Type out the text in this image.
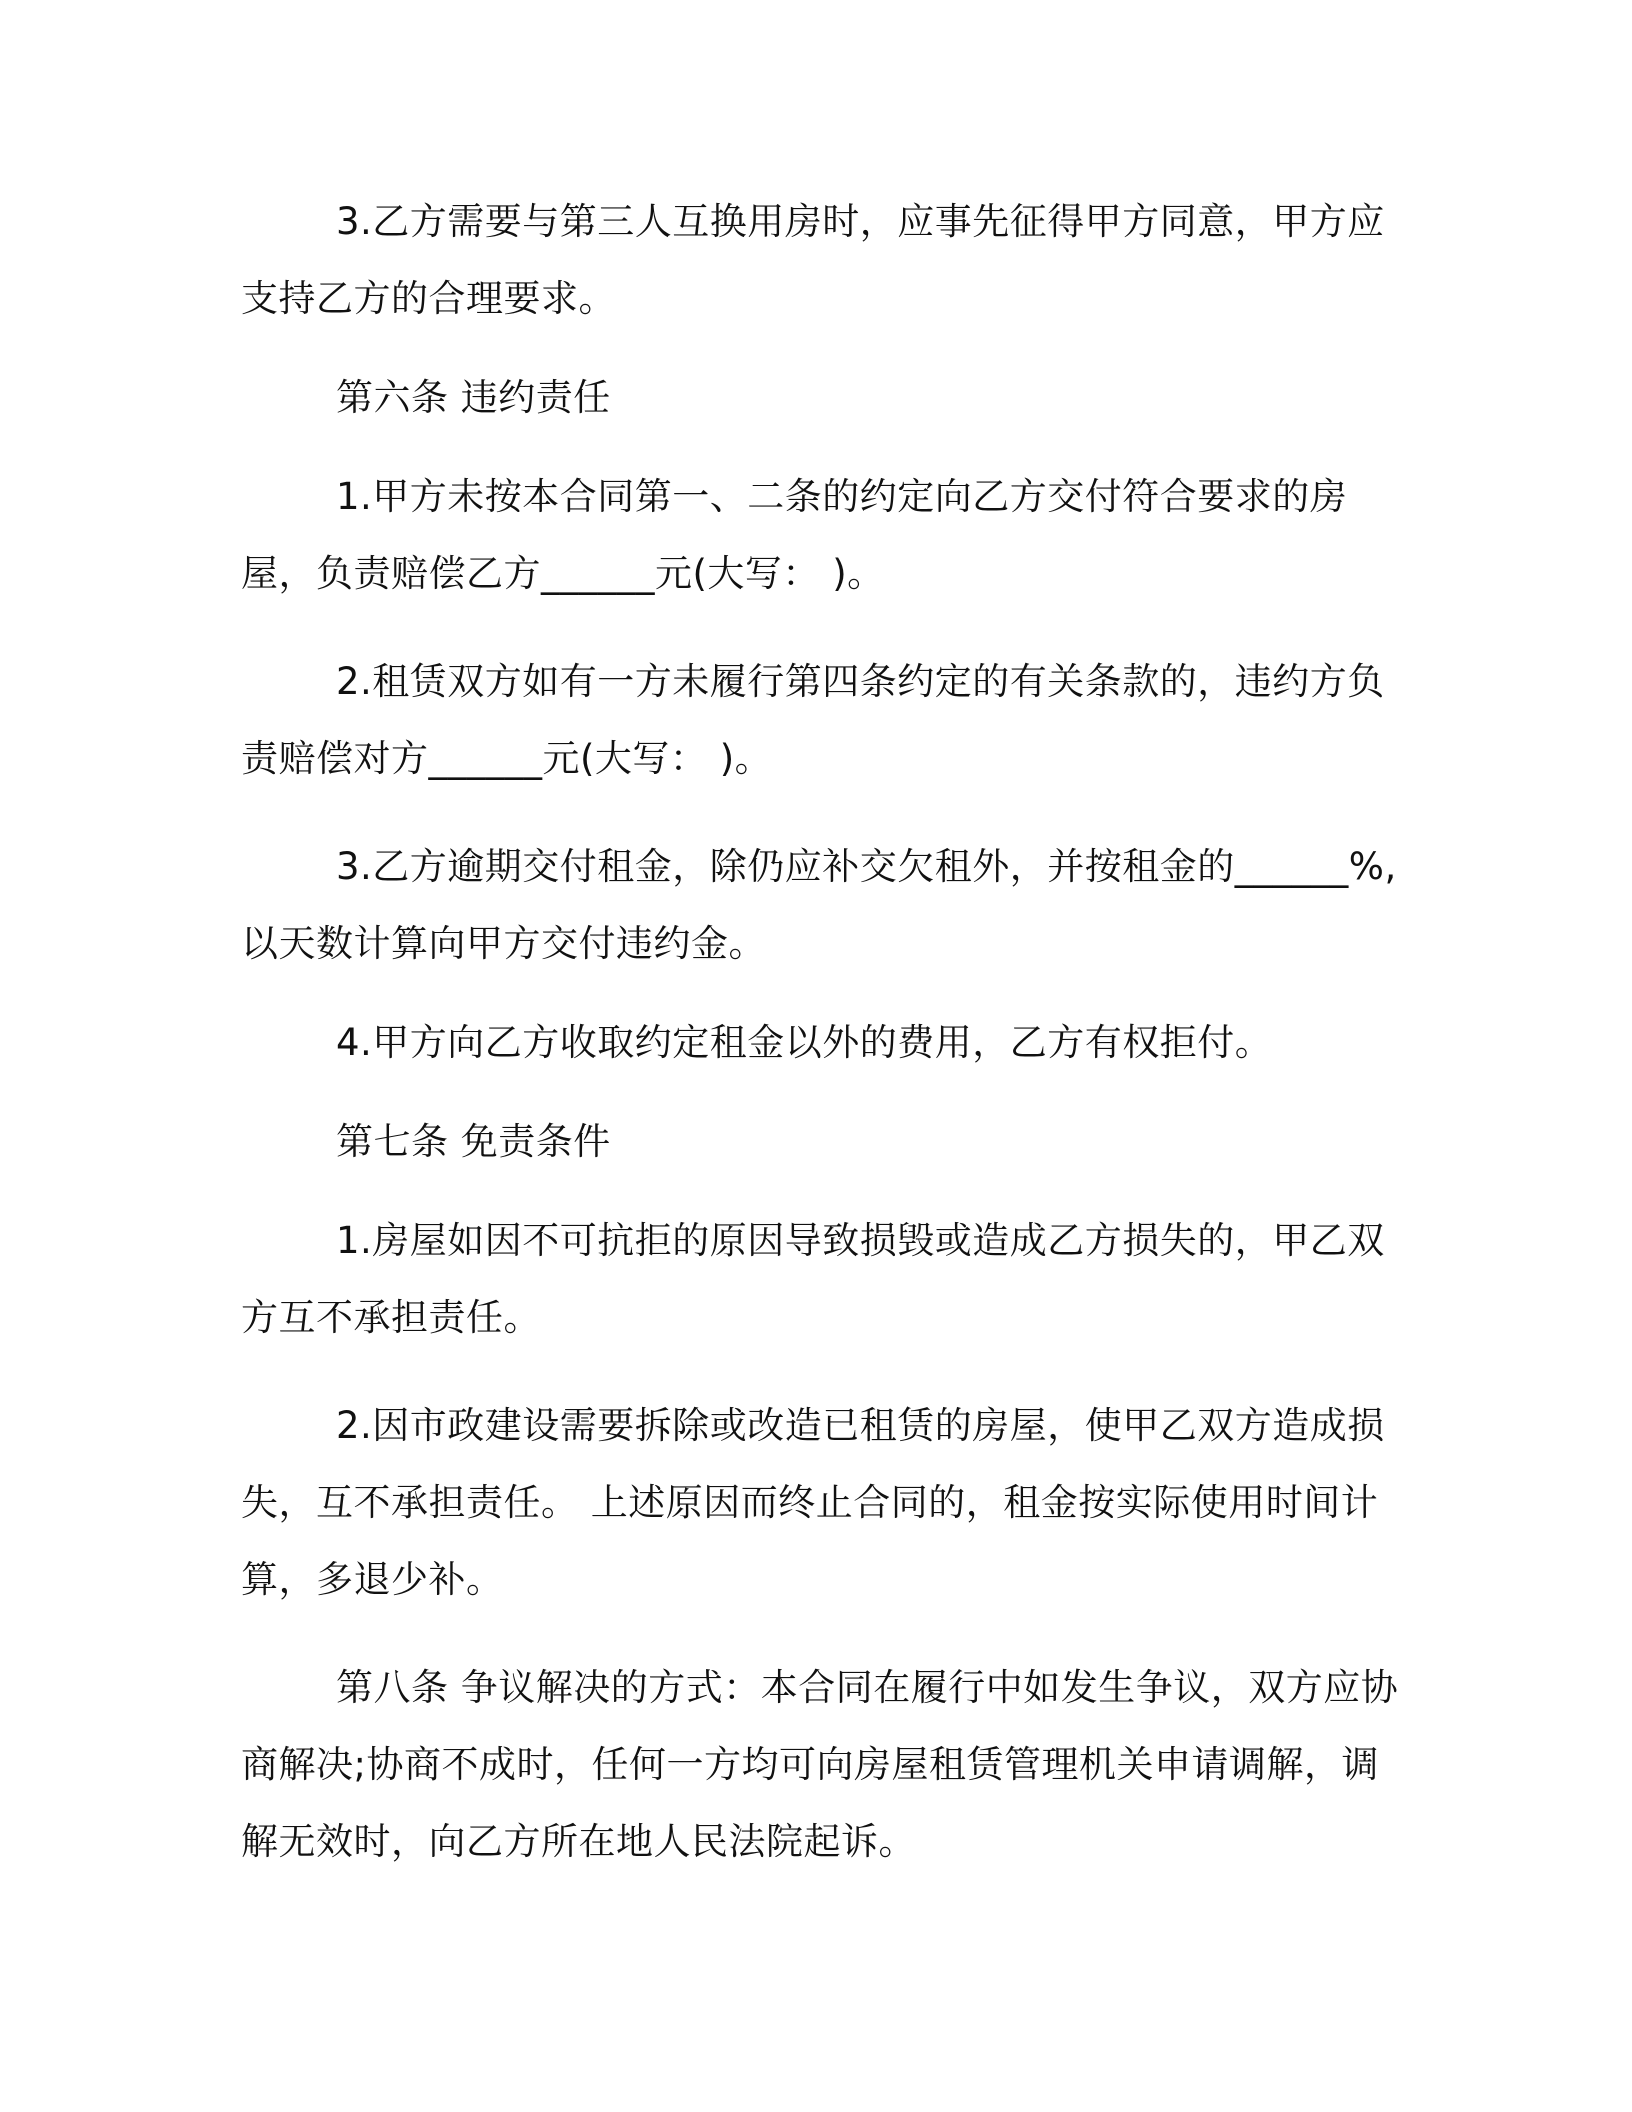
3.乙方需要与第三人互换用房时，应事先征得甲方同意，甲方应支持乙方的合理要求。

第六条 违约责任

1.甲方未按本合同第一、二条的约定向乙方交付符合要求的房屋，负责赔偿乙方______元(大写： )。

2.租赁双方如有一方未履行第四条约定的有关条款的，违约方负责赔偿对方______元(大写： )。

3.乙方逾期交付租金，除仍应补交欠租外，并按租金的______%,以天数计算向甲方交付违约金。

4.甲方向乙方收取约定租金以外的费用，乙方有权拒付。

第七条 免责条件

1.房屋如因不可抗拒的原因导致损毁或造成乙方损失的，甲乙双方互不承担责任。

2.因市政建设需要拆除或改造已租赁的房屋，使甲乙双方造成损失，互不承担责任。 上述原因而终止合同的，租金按实际使用时间计算，多退少补。

第八条 争议解决的方式：本合同在履行中如发生争议，双方应协商解决;协商不成时，任何一方均可向房屋租赁管理机关申请调解，调解无效时，向乙方所在地人民法院起诉。
